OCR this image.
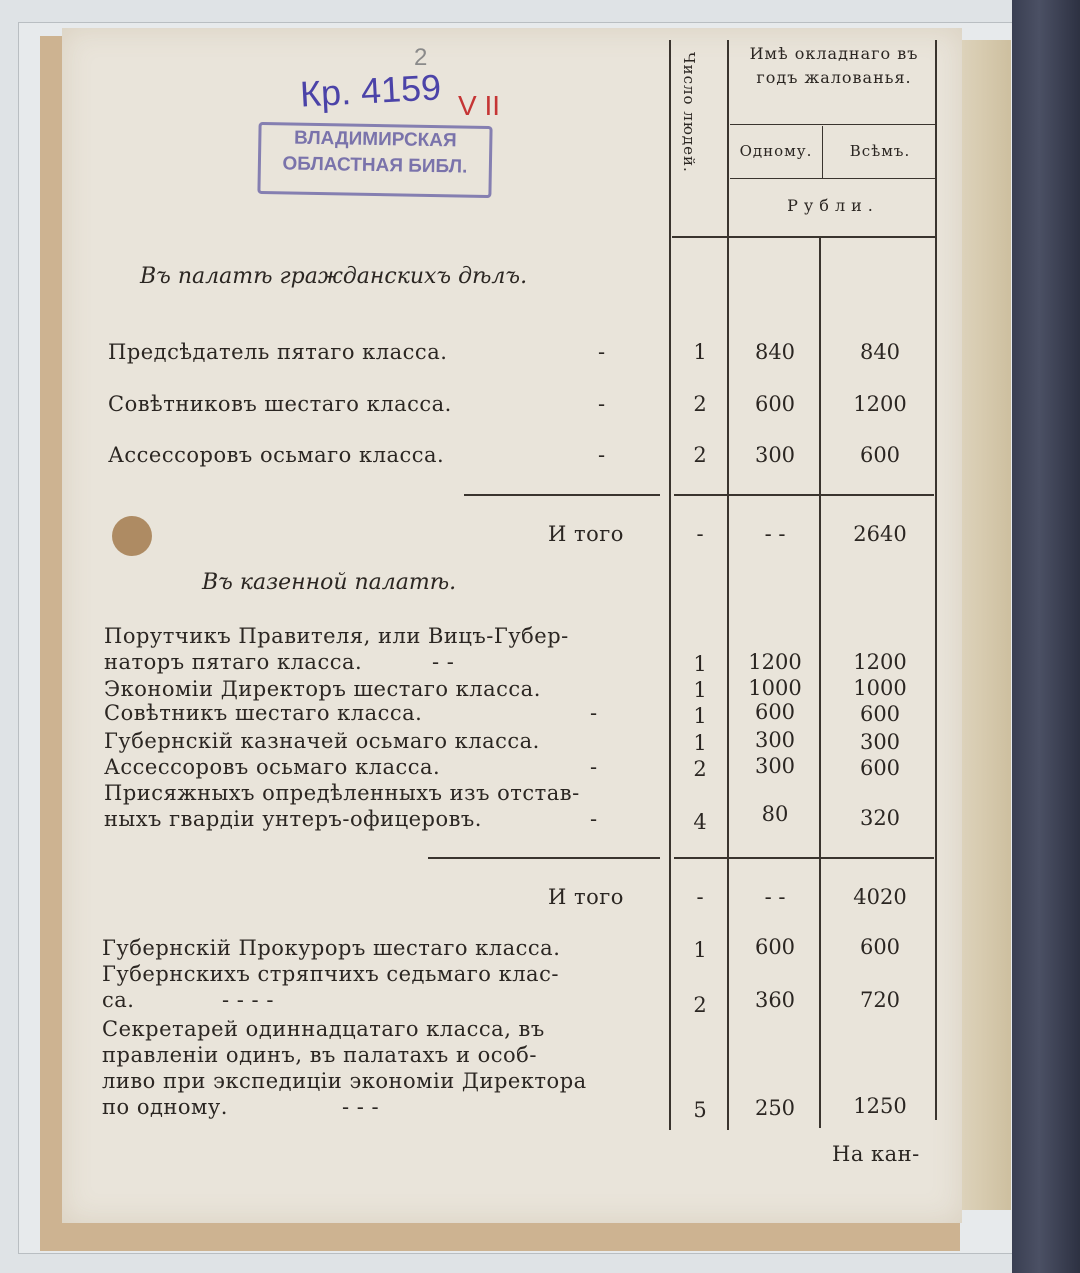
2
Кр. 4159 V II
ВЛАДИМИРСКАЯ
ОБЛАСТНАЯ БИБЛ.	Число людей.	Имѣ окладнаго въ годъ жалованья.
Одному.	Всѣмъ.
Рубли.
Въ палатѣ гражданскихъ дѣлъ.
Предсѣдатель пятаго класса.	-	1	840	840
Совѣтниковъ шестаго класса.	-	2	600	1200
Ассессоровъ осьмаго класса.	-	2	300	600
И того	-	- -	2640
Въ казенной палатѣ.
Порутчикъ Правителя, или Вицъ-Губер-
наторъ пятаго класса.	- -	1	1200	1200
Экономіи Директоръ шестаго класса.	1	1000	1000
Совѣтникъ шестаго класса.	-	1	600	600
Губернскій казначей осьмаго класса.	1	300	300
Ассессоровъ осьмаго класса.	-	2	300	600
Присяжныхъ опредѣленныхъ изъ отстав-
ныхъ гвардіи унтеръ-офицеровъ.	-	4	80	320
И того	-	- -	4020
Губернскій Прокуроръ шестаго класса.	1	600	600
Губернскихъ стряпчихъ седьмаго клас-
са.	- - - -	2	360	720
Секретарей одиннадцатаго класса, въ
правленіи одинъ, въ палатахъ и особ-
ливо при экспедиціи экономіи Директора
по одному.	- - -	5	250	1250
На кан-
